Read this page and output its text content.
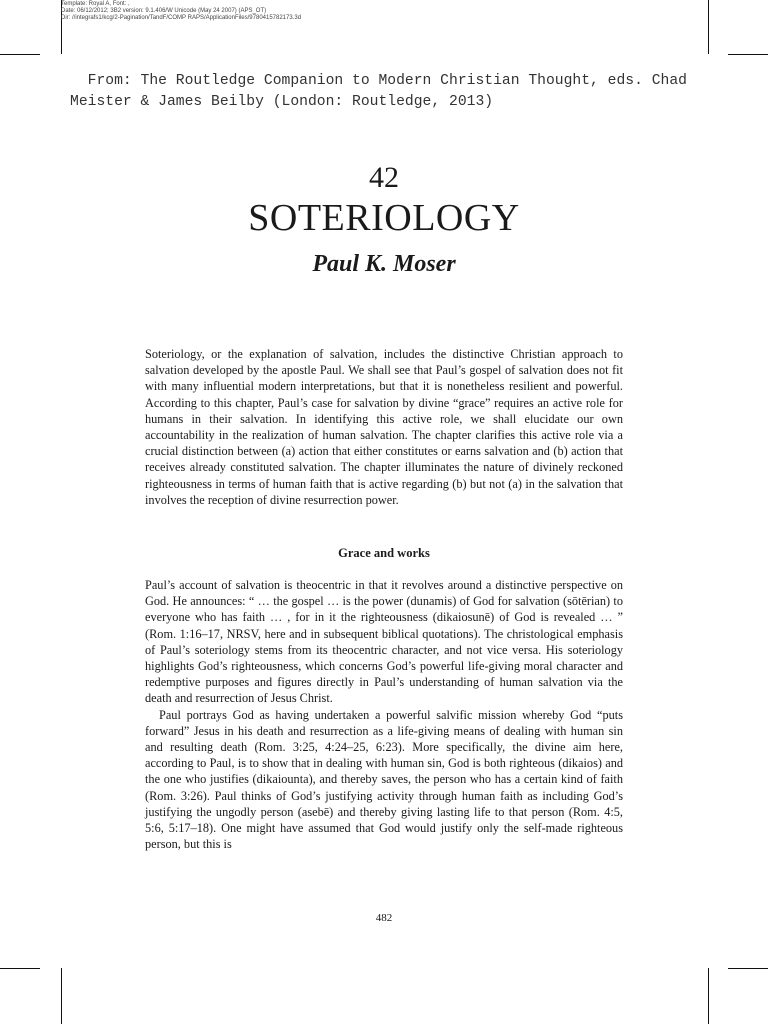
Template: Royal A, Font: ,
Date: 06/12/2012; 3B2 version: 9.1.406/W Unicode (May 24 2007) (APS_OT)
Dir: //integrafs1/kcg/2-Pagination/TandF/COMP RAPS/ApplicationFiles/9780415782173.3d
From: The Routledge Companion to Modern Christian Thought, eds. Chad
Meister & James Beilby (London: Routledge, 2013)
42
SOTERIOLOGY
Paul K. Moser

Soteriology, or the explanation of salvation, includes the distinctive Christian approach to salvation developed by the apostle Paul. We shall see that Paul’s gospel of salvation does not fit with many influential modern interpretations, but that it is nonetheless resilient and powerful. According to this chapter, Paul’s case for salvation by divine “grace” requires an active role for humans in their salvation. In identifying this active role, we shall elucidate our own accountability in the realization of human salvation. The chapter clarifies this active role via a crucial distinction between (a) action that either constitutes or earns salvation and (b) action that receives already constituted salvation. The chapter illuminates the nature of divinely reckoned righteousness in terms of human faith that is active regarding (b) but not (a) in the salvation that involves the reception of divine resurrection power.

Grace and works

Paul’s account of salvation is theocentric in that it revolves around a distinctive perspective on God. He announces: “ … the gospel … is the power (dunamis) of God for salvation (sōtērian) to everyone who has faith … , for in it the righteousness (dikaiosunē) of God is revealed … ” (Rom. 1:16–17, NRSV, here and in subsequent biblical quotations). The christological emphasis of Paul’s soteriology stems from its theocentric character, and not vice versa. His soteriology highlights God’s righteousness, which concerns God’s powerful life-giving moral character and redemptive purposes and figures directly in Paul’s understanding of human salvation via the death and resurrection of Jesus Christ.

Paul portrays God as having undertaken a powerful salvific mission whereby God “puts forward” Jesus in his death and resurrection as a life-giving means of dealing with human sin and resulting death (Rom. 3:25, 4:24–25, 6:23). More specifically, the divine aim here, according to Paul, is to show that in dealing with human sin, God is both righteous (dikaios) and the one who justifies (dikaiounta), and thereby saves, the person who has a certain kind of faith (Rom. 3:26). Paul thinks of God’s justifying activity through human faith as including God’s justifying the ungodly person (asebē) and thereby giving lasting life to that person (Rom. 4:5, 5:6, 5:17–18). One might have assumed that God would justify only the self-made righteous person, but this is

482
